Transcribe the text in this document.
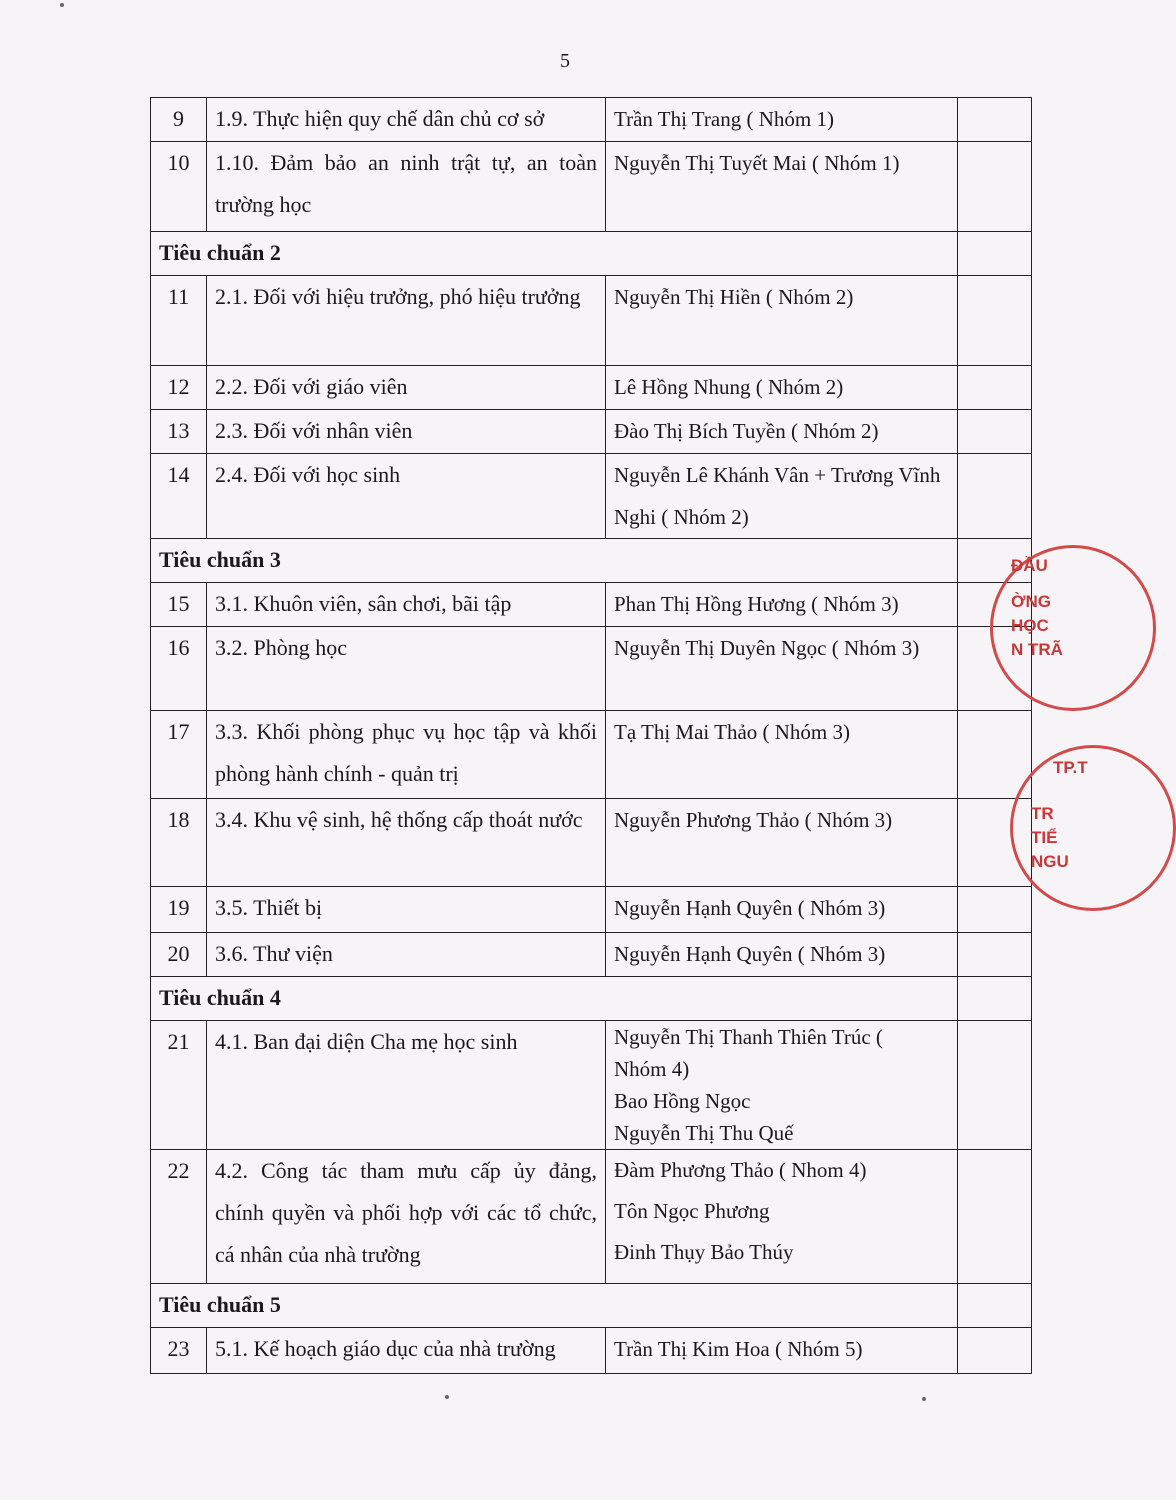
5
9	1.9. Thực hiện quy chế dân chủ cơ sở	Trần Thị Trang ( Nhóm 1)	
10	1.10. Đảm bảo an ninh trật tự, an toàn trường học	Nguyễn Thị Tuyết Mai ( Nhóm 1)	
Tiêu chuẩn 2			
11	2.1. Đối với hiệu trưởng, phó hiệu trưởng	Nguyễn Thị Hiền ( Nhóm 2)	
12	2.2. Đối với giáo viên	Lê Hồng Nhung ( Nhóm 2)	
13	2.3. Đối với nhân viên	Đào Thị Bích Tuyền ( Nhóm 2)	
14	2.4. Đối với học sinh	Nguyễn Lê Khánh Vân + Trương Vĩnh Nghi ( Nhóm 2)	
Tiêu chuẩn 3			
15	3.1. Khuôn viên, sân chơi, bãi tập	Phan Thị Hồng Hương ( Nhóm 3)	
16	3.2. Phòng học	Nguyễn Thị Duyên Ngọc ( Nhóm 3)	
17	3.3. Khối phòng phục vụ học tập và khối phòng hành chính - quản trị	Tạ Thị Mai Thảo ( Nhóm 3)	
18	3.4. Khu vệ sinh, hệ thống cấp thoát nước	Nguyễn Phương Thảo ( Nhóm 3)	
19	3.5. Thiết bị	Nguyễn Hạnh Quyên ( Nhóm 3)	
20	3.6. Thư viện	Nguyễn Hạnh Quyên ( Nhóm 3)	
Tiêu chuẩn 4			
21	4.1. Ban đại diện Cha mẹ học sinh	Nguyễn Thị Thanh Thiên Trúc (
Nhóm 4)
Bao Hồng Ngọc
Nguyễn Thị Thu Quế	

22	4.2. Công tác tham mưu cấp ủy đảng, chính quyền và phối hợp với các tổ chức, cá nhân của nhà trường	Đàm Phương Thảo ( Nhom 4)
Tôn Ngọc Phương
Đinh Thụy Bảo Thúy	

Tiêu chuẩn 5			
23	5.1. Kế hoạch giáo dục của nhà trường	Trần Thị Kim Hoa ( Nhóm 5)	
ĐẦU
ỜNG
HỌC
N TRÃ
TP.T
TR
TIỂ
NGU
